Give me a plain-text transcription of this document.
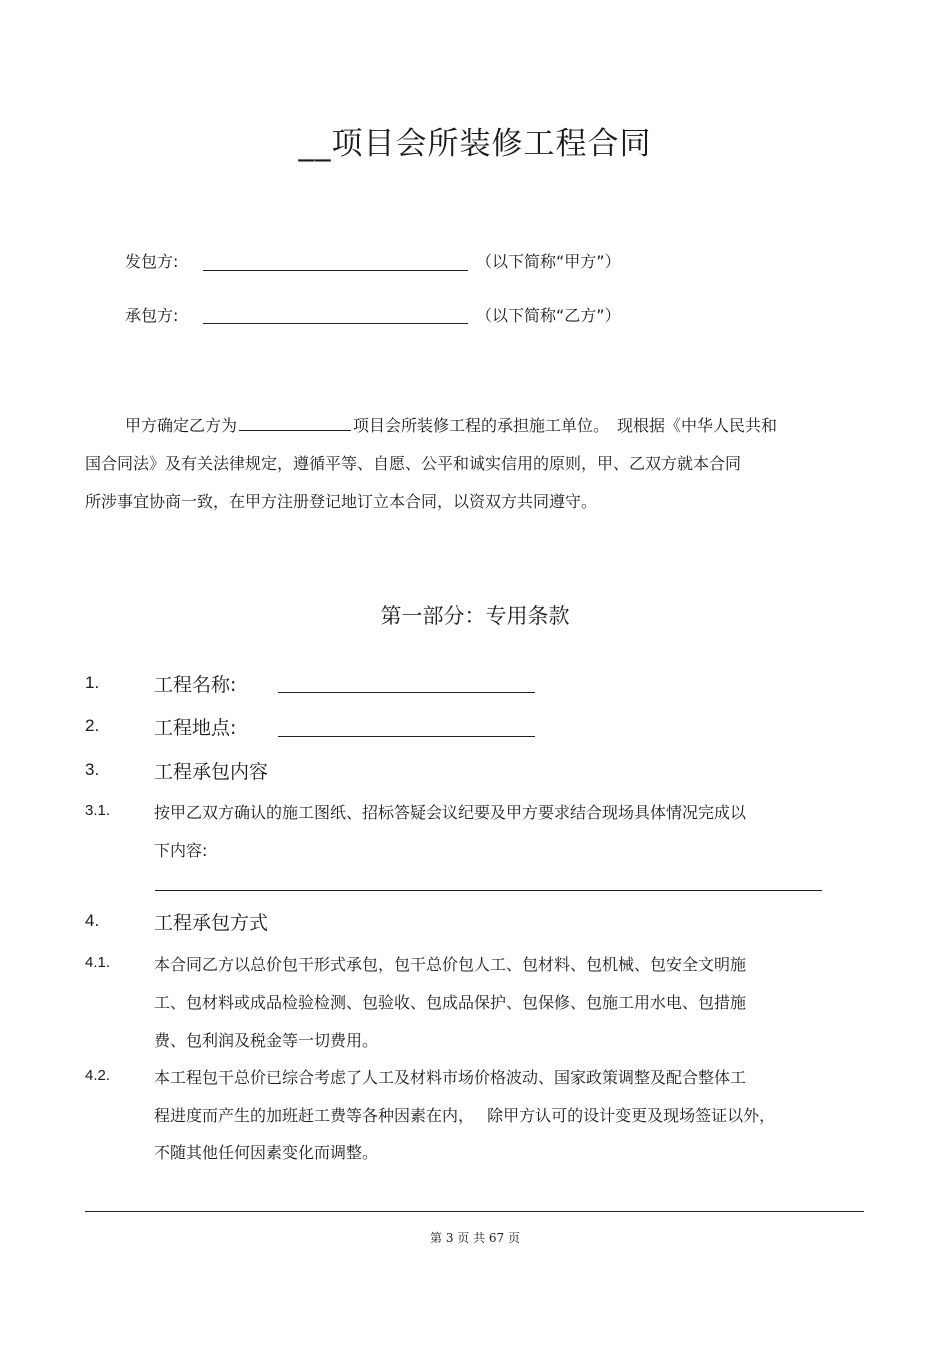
__项目会所装修工程合同
发包方:	（以下简称“甲方”）
承包方:	（以下简称“乙方”）
甲方确定乙方为	项目会所装修工程的承担施工单位。　现根据《中华人民共和
国合同法》及有关法律规定，遵循平等、自愿、公平和诚实信用的原则，甲、乙双方就本合同
所涉事宜协商一致，在甲方注册登记地订立本合同，以资双方共同遵守。
第一部分：专用条款
1.	工程名称:
2.	工程地点:
3.	工程承包内容
3.1.	按甲乙双方确认的施工图纸、招标答疑会议纪要及甲方要求结合现场具体情况完成以
下内容:
4.	工程承包方式
4.1.	本合同乙方以总价包干形式承包，包干总价包人工、包材料、包机械、包安全文明施
工、包材料或成品检验检测、包验收、包成品保护、包保修、包施工用水电、包措施
费、包利润及税金等一切费用。
4.2.	本工程包干总价已综合考虑了人工及材料市场价格波动、国家政策调整及配合整体工
程进度而产生的加班赶工费等各种因素在内，　 除甲方认可的设计变更及现场签证以外，
不随其他任何因素变化而调整。
第 3 页 共 67 页
